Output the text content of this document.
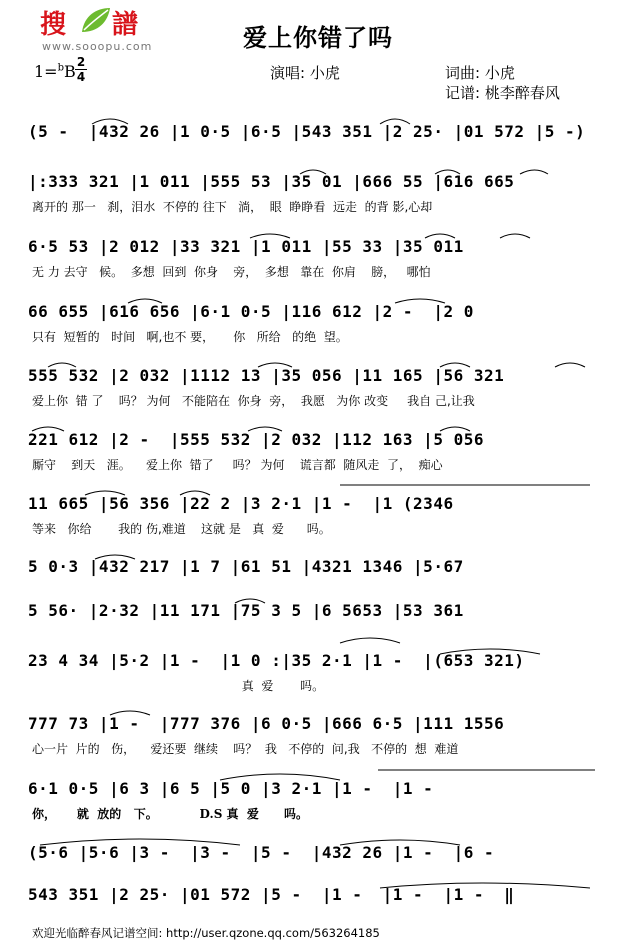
搜 譜
www.sooopu.com	爱上你错了吗
演唱: 小虎	词曲: 小虎
记谱: 桃李醉春风
1=$^b$B 2
4
(5 -  |432 26 |1 0·5 |6·5 |543 351 |2 25· |01 572 |5 -)
|:333 321 |1 011 |555 53 |35 01 |666 55 |616 665
离开的 那一   刹，泪水  不停的 往下   淌，  眼  睁睁看  远走  的背 影,心却
6·5 53 |2 012 |33 321 |1 011 |55 33 |35 011
无 力 去守   候。  多想  回到  你身    旁，  多想   靠在  你肩    膀，   哪怕
66 655 |616 656 |6·1 0·5 |116 612 |2 -  |2 0
只有  短暂的   时间   啊,也不 要，     你   所给   的绝  望。
555 532 |2 032 |1112 13 |35 056 |11 165 |56 321
爱上你  错 了    吗？ 为何   不能陪在  你身  旁，  我愿   为你 改变     我自 己,让我
221 612 |2 -  |555 532 |2 032 |112 163 |5 056
厮守    到天   涯。    爱上你  错了     吗？ 为何    谎言都  随风走  了，  痴心
11 665 |56 356 |22 2 |3 2·1 |1 -  |1 (2346
等来   你给       我的 伤,难道    这就 是   真  爱      吗。
5 0·3 |432 217 |1 7 |61 51 |4321 1346 |5·67
5 56· |2·32 |11 171 |75 3 5 |6 5653 |53 361
23 4 34 |5·2 |1 -  |1 0 :|35 2·1 |1 -  |(653 321)
真  爱       吗。
777 73 |1 -  |777 376 |6 0·5 |666 6·5 |111 1556
心一片  片的   伤，    爱还要  继续    吗？  我   不停的  问,我   不停的  想  难道
6·1 0·5 |6 3 |6 5 |5 0 |3 2·1 |1 -  |1 -
你，     就  放的   下。          D.S 真  爱      吗。
(5·6 |5·6 |3 -  |3 -  |5 -  |432 26 |1 -  |6 -
543 351 |2 25· |01 572 |5 -  |1 -  |1 -  |1 -  ‖
欢迎光临醉春风记谱空间: http://user.qzone.qq.com/563264185
